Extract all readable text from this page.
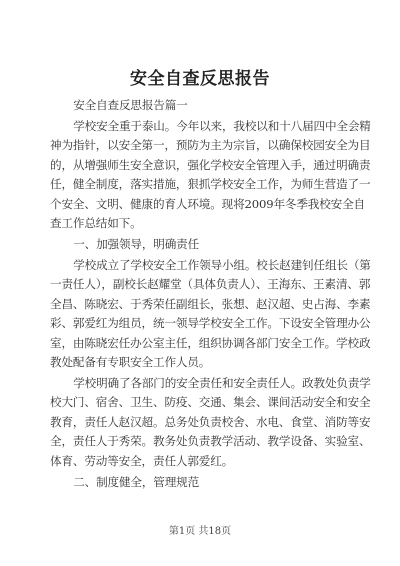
安全自查反思报告

安全自查反思报告篇一

学校安全重于泰山。今年以来，我校以和十八届四中全会精
神为指针，以安全第一，预防为主为宗旨，以确保校园安全为目
的，从增强师生安全意识，强化学校安全管理入手，通过明确责
任，健全制度，落实措施，狠抓学校安全工作，为师生营造了一
个安全、文明、健康的育人环境。现将2009年冬季我校安全自
查工作总结如下。

一、加强领导，明确责任

学校成立了学校安全工作领导小组。校长赵建钊任组长（第
一责任人），副校长赵耀堂（具体负责人）、王海东、王素清、郭
全昌、陈晓宏、于秀荣任副组长，张想、赵汉超、史占海、李素
彩、郭爱红为组员，统一领导学校安全工作。下设安全管理办公
室，由陈晓宏任办公室主任，组织协调各部门安全工作。学校政
教处配备有专职安全工作人员。

学校明确了各部门的安全责任和安全责任人。政教处负责学
校大门、宿舍、卫生、防疫、交通、集会、课间活动安全和安全
教育，责任人赵汉超。总务处负责校舍、水电、食堂、消防等安
全，责任人于秀荣。教务处负责教学活动、教学设备、实验室、
体育、劳动等安全，责任人郭爱红。

二、制度健全，管理规范

第1页 共18页
